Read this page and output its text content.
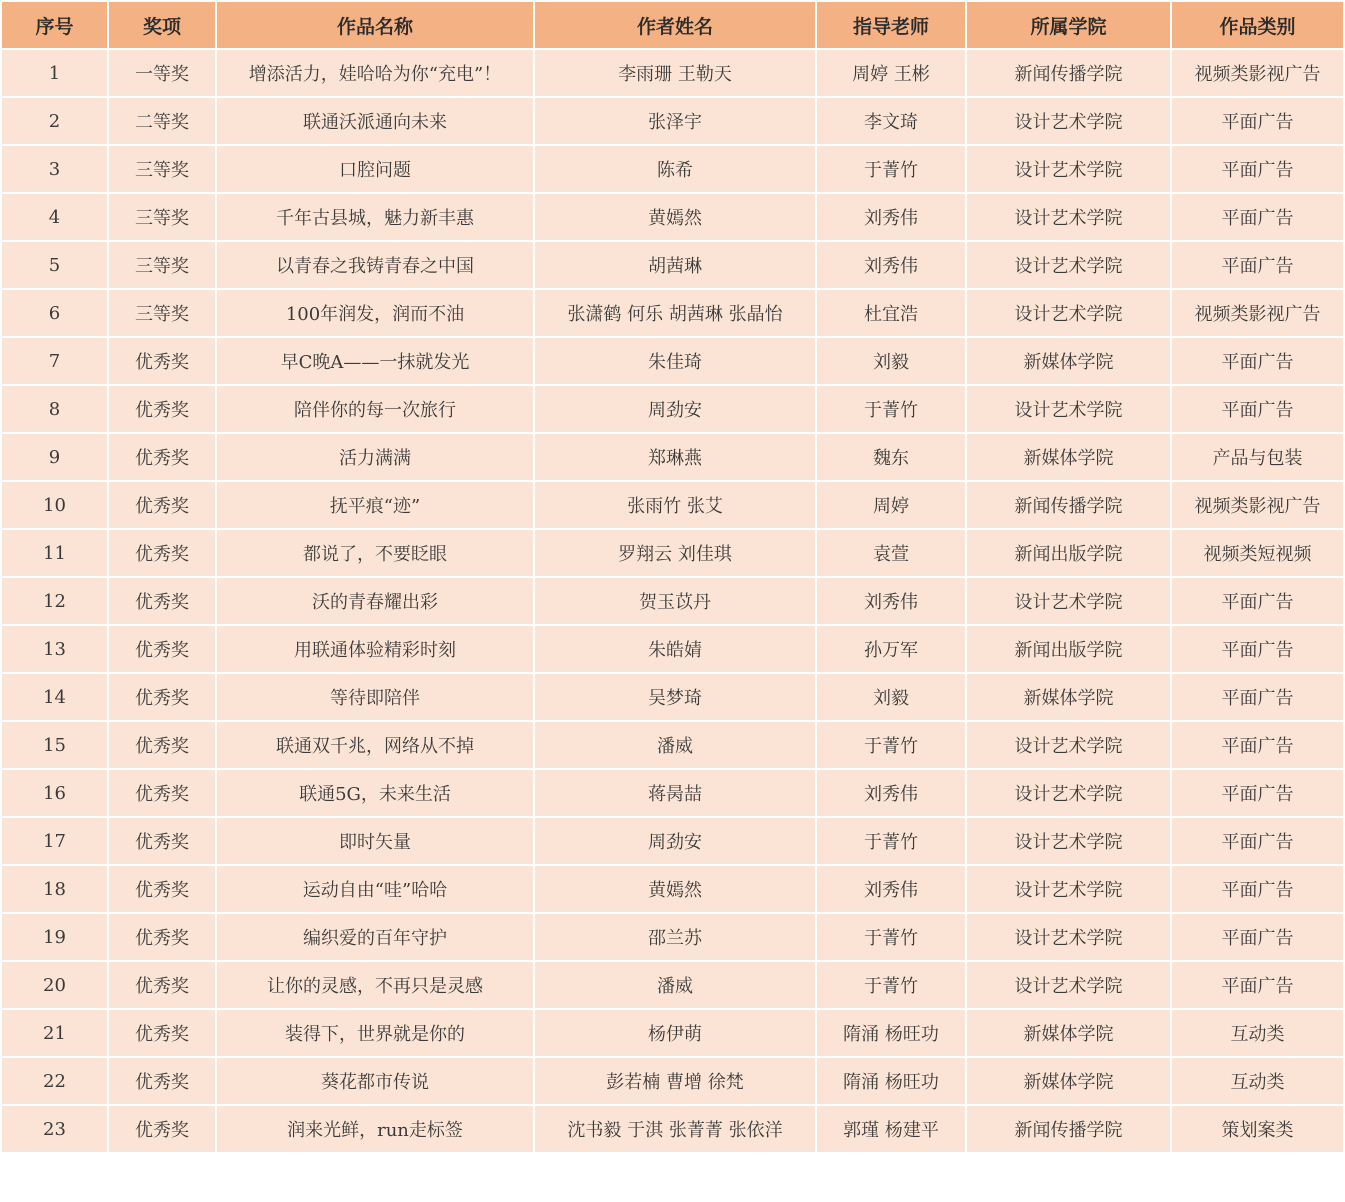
序号	奖项	作品名称	作者姓名	指导老师	所属学院	作品类别
1	一等奖	增添活力，娃哈哈为你“充电”！	李雨珊 王勒天	周婷 王彬	新闻传播学院	视频类影视广告
2	二等奖	联通沃派通向未来	张泽宇	李文琦	设计艺术学院	平面广告
3	三等奖	口腔问题	陈希	于菁竹	设计艺术学院	平面广告
4	三等奖	千年古县城，魅力新丰惠	黄嫣然	刘秀伟	设计艺术学院	平面广告
5	三等奖	以青春之我铸青春之中国	胡茜琳	刘秀伟	设计艺术学院	平面广告
6	三等奖	100年润发，润而不油	张潇鹤 何乐 胡茜琳 张晶怡	杜宜浩	设计艺术学院	视频类影视广告
7	优秀奖	早C晚A——一抹就发光	朱佳琦	刘毅	新媒体学院	平面广告
8	优秀奖	陪伴你的每一次旅行	周劲安	于菁竹	设计艺术学院	平面广告
9	优秀奖	活力满满	郑琳燕	魏东	新媒体学院	产品与包装
10	优秀奖	抚平痕“迹”	张雨竹 张艾	周婷	新闻传播学院	视频类影视广告
11	优秀奖	都说了，不要眨眼	罗翔云 刘佳琪	袁萱	新闻出版学院	视频类短视频
12	优秀奖	沃的青春耀出彩	贺玉苡丹	刘秀伟	设计艺术学院	平面广告
13	优秀奖	用联通体验精彩时刻	朱皓婧	孙万军	新闻出版学院	平面广告
14	优秀奖	等待即陪伴	吴梦琦	刘毅	新媒体学院	平面广告
15	优秀奖	联通双千兆，网络从不掉	潘威	于菁竹	设计艺术学院	平面广告
16	优秀奖	联通5G，未来生活	蒋昺喆	刘秀伟	设计艺术学院	平面广告
17	优秀奖	即时矢量	周劲安	于菁竹	设计艺术学院	平面广告
18	优秀奖	运动自由“哇”哈哈	黄嫣然	刘秀伟	设计艺术学院	平面广告
19	优秀奖	编织爱的百年守护	邵兰苏	于菁竹	设计艺术学院	平面广告
20	优秀奖	让你的灵感，不再只是灵感	潘威	于菁竹	设计艺术学院	平面广告
21	优秀奖	装得下，世界就是你的	杨伊萌	隋涌 杨旺功	新媒体学院	互动类
22	优秀奖	葵花都市传说	彭若楠 曹增 徐梵	隋涌 杨旺功	新媒体学院	互动类
23	优秀奖	润来光鲜，run走标签	沈书毅 于淇 张菁菁 张依洋	郭瑾 杨建平	新闻传播学院	策划案类
